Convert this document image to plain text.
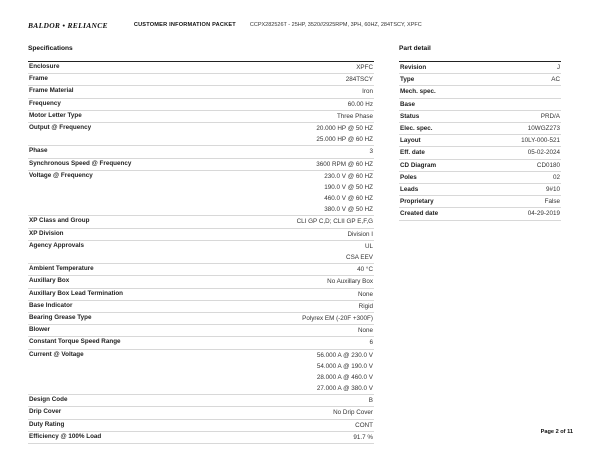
BALDOR • RELIANCE	CUSTOMER INFORMATION PACKET	CCPX282526T - 25HP, 3520//2925RPM, 3PH, 60HZ, 284TSCY, XPFC
Specifications
Enclosure	XPFC

Frame	284TSCY

Frame Material	Iron

Frequency	60.00 Hz

Motor Letter Type	Three Phase

Output @ Frequency	20.000 HP @ 50 HZ
25.000 HP @ 60 HZ

Phase	3

Synchronous Speed @ Frequency	3600 RPM @ 60 HZ

Voltage @ Frequency	230.0 V @ 60 HZ
190.0 V @ 50 HZ
460.0 V @ 60 HZ
380.0 V @ 50 HZ

XP Class and Group	CLI GP C,D; CLII GP E,F,G

XP Division	Division I

Agency Approvals	UL
CSA EEV

Ambient Temperature	40 °C

Auxillary Box	No Auxillary Box

Auxillary Box Lead Termination	None

Base Indicator	Rigid

Bearing Grease Type	Polyrex EM (-20F +300F)

Blower	None

Constant Torque Speed Range	6

Current @ Voltage	56.000 A @ 230.0 V
54.000 A @ 190.0 V
28.000 A @ 460.0 V
27.000 A @ 380.0 V

Design Code	B

Drip Cover	No Drip Cover

Duty Rating	CONT

Efficiency @ 100% Load	91.7 %
Part detail
Revision	J
Type	AC
Mech. spec.	
Base	
Status	PRD/A
Elec. spec.	10WGZ273
Layout	10LY-000-521
Eff. date	05-02-2024
CD Diagram	CD0180
Poles	02
Leads	9#10
Proprietary	False
Created date	04-29-2019
Page 2 of 11
